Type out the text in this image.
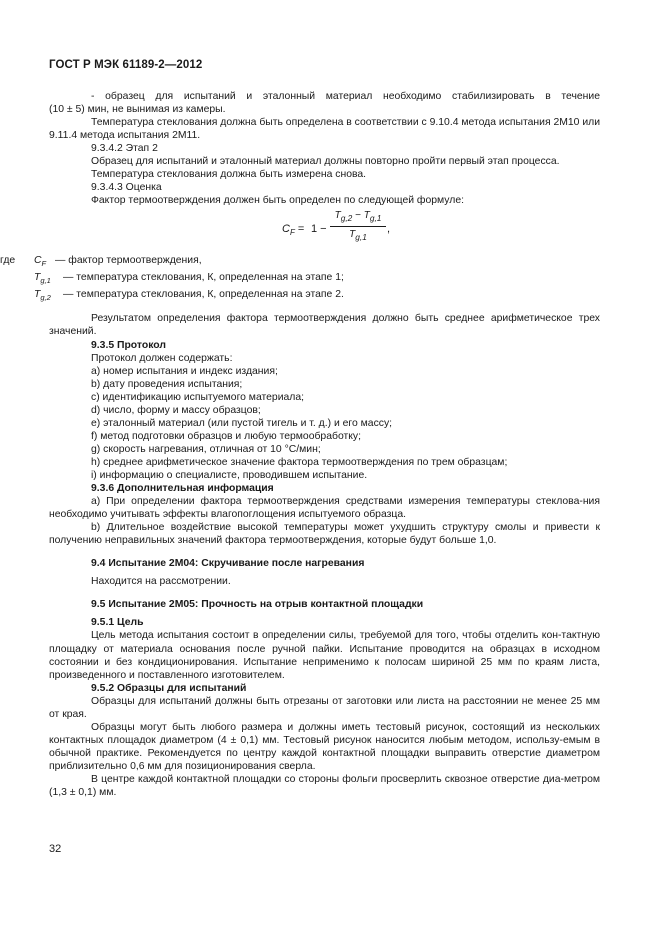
ГОСТ Р МЭК 61189-2—2012

- образец для испытаний и эталонный материал необходимо стабилизировать в течение

(10 ± 5) мин, не вынимая из камеры.

Температура стеклования должна быть определена в соответствии с 9.10.4 метода испытания 2М10 или 9.11.4 метода испытания 2М11.

9.3.4.2 Этап 2

Образец для испытаний и эталонный материал должны повторно пройти первый этап процесса.

Температура стеклования должна быть измерена снова.

9.3.4.3 Оценка

Фактор термоотверждения должен быть определен по следующей формуле:

$C_F = 1 - \frac{T_{g,2} - T_{g,1}}{T_{g,1}}$ ,
где $C_F$ — фактор термоотверждения,
$T_{g,1}$ — температура стеклования, К, определенная на этапе 1;
$T_{g,2}$ — температура стеклования, К, определенная на этапе 2.

Результатом определения фактора термоотверждения должно быть среднее арифметическое трех значений.

9.3.5 Протокол

Протокол должен содержать:

a) номер испытания и индекс издания;

b) дату проведения испытания;

c) идентификацию испытуемого материала;

d) число, форму и массу образцов;

e) эталонный материал (или пустой тигель и т. д.) и его массу;

f) метод подготовки образцов и любую термообработку;

g) скорость нагревания, отличная от 10 °С/мин;

h) среднее арифметическое значение фактора термоотверждения по трем образцам;

i) информацию о специалисте, проводившем испытание.

9.3.6 Дополнительная информация

a) При определении фактора термоотверждения средствами измерения температуры стеклова-ния необходимо учитывать эффекты влагопоглощения испытуемого образца.

b) Длительное воздействие высокой температуры может ухудшить структуру смолы и привести к получению неправильных значений фактора термоотверждения, которые будут больше 1,0.

9.4 Испытание 2М04: Скручивание после нагревания

Находится на рассмотрении.

9.5 Испытание 2М05: Прочность на отрыв контактной площадки

9.5.1 Цель

Цель метода испытания состоит в определении силы, требуемой для того, чтобы отделить кон-тактную площадку от материала основания после ручной пайки. Испытание проводится на образцах в исходном состоянии и без кондиционирования. Испытание неприменимо к полосам шириной 25 мм по краям листа, произведенного и поставленного изготовителем.

9.5.2 Образцы для испытаний

Образцы для испытаний должны быть отрезаны от заготовки или листа на расстоянии не менее 25 мм от края.

Образцы могут быть любого размера и должны иметь тестовый рисунок, состоящий из нескольких контактных площадок диаметром (4 ± 0,1) мм. Тестовый рисунок наносится любым методом, использу-емым в обычной практике. Рекомендуется по центру каждой контактной площадки выправить отверстие диаметром приблизительно 0,6 мм для позиционирования сверла.

В центре каждой контактной площадки со стороны фольги просверлить сквозное отверстие диа-метром (1,3 ± 0,1) мм.

32
